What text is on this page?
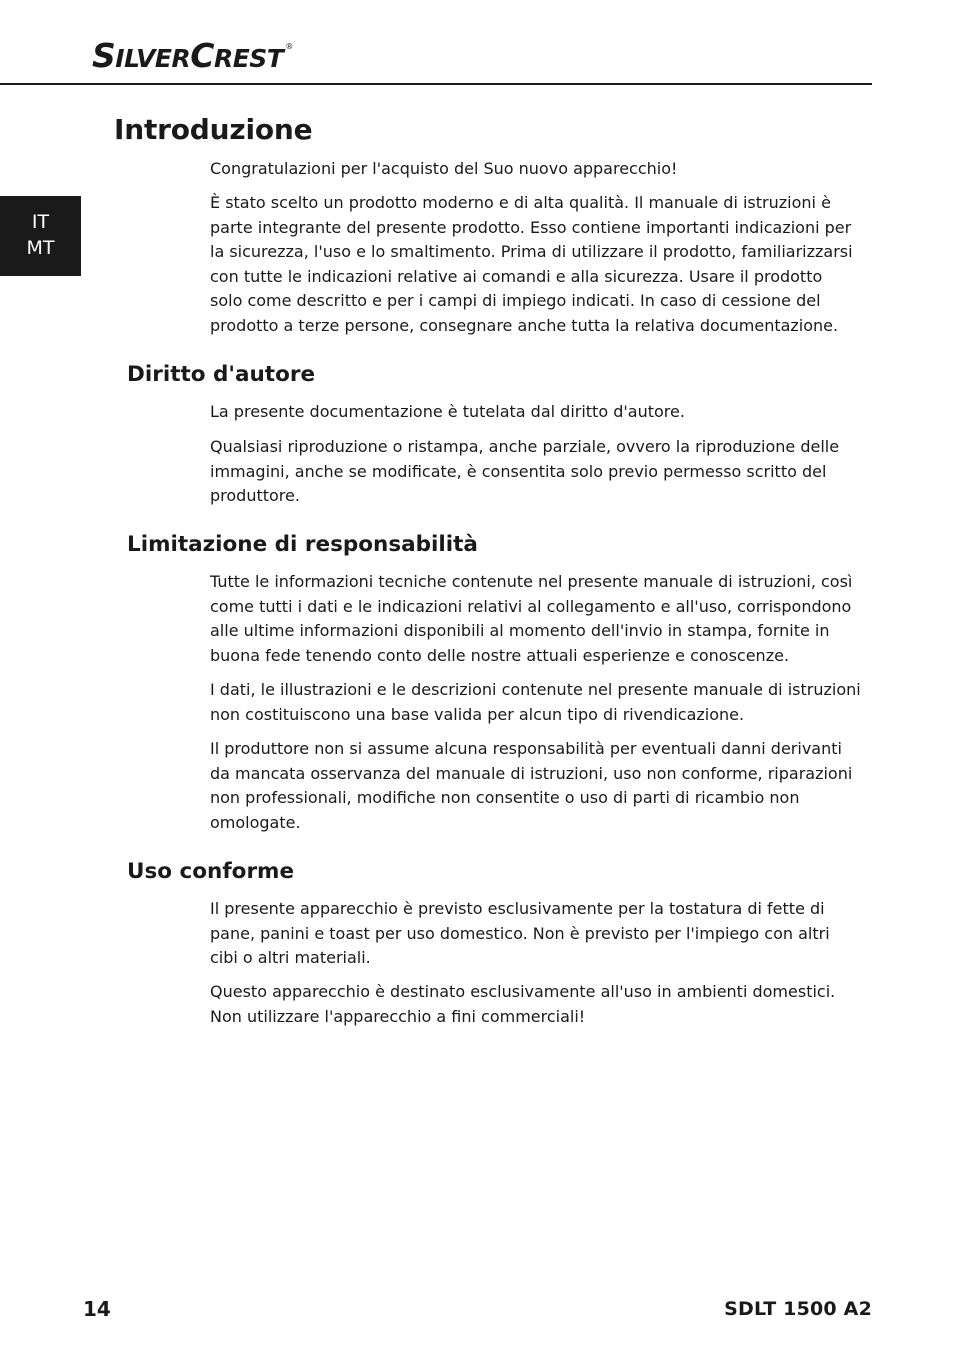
SILVERCREST ®
IT
MT
Introduzione
Congratulazioni per l'acquisto del Suo nuovo apparecchio!
È stato scelto un prodotto moderno e di alta qualità. Il manuale di istruzioni è
parte integrante del presente prodotto. Esso contiene importanti indicazioni per
la sicurezza, l'uso e lo smaltimento. Prima di utilizzare il prodotto, familiarizzarsi
con tutte le indicazioni relative ai comandi e alla sicurezza. Usare il prodotto
solo come descritto e per i campi di impiego indicati. In caso di cessione del
prodotto a terze persone, consegnare anche tutta la relativa documentazione.
Diritto d'autore
La presente documentazione è tutelata dal diritto d'autore.
Qualsiasi riproduzione o ristampa, anche parziale, ovvero la riproduzione delle
immagini, anche se modificate, è consentita solo previo permesso scritto del
produttore.
Limitazione di responsabilità
Tutte le informazioni tecniche contenute nel presente manuale di istruzioni, così
come tutti i dati e le indicazioni relativi al collegamento e all'uso, corrispondono
alle ultime informazioni disponibili al momento dell'invio in stampa, fornite in
buona fede tenendo conto delle nostre attuali esperienze e conoscenze.
I dati, le illustrazioni e le descrizioni contenute nel presente manuale di istruzioni
non costituiscono una base valida per alcun tipo di rivendicazione.
Il produttore non si assume alcuna responsabilità per eventuali danni derivanti
da mancata osservanza del manuale di istruzioni, uso non conforme, riparazioni
non professionali, modifiche non consentite o uso di parti di ricambio non
omologate.
Uso conforme
Il presente apparecchio è previsto esclusivamente per la tostatura di fette di
pane, panini e toast per uso domestico. Non è previsto per l'impiego con altri
cibi o altri materiali.
Questo apparecchio è destinato esclusivamente all'uso in ambienti domestici.
Non utilizzare l'apparecchio a fini commerciali!
14	SDLT 1500 A2
